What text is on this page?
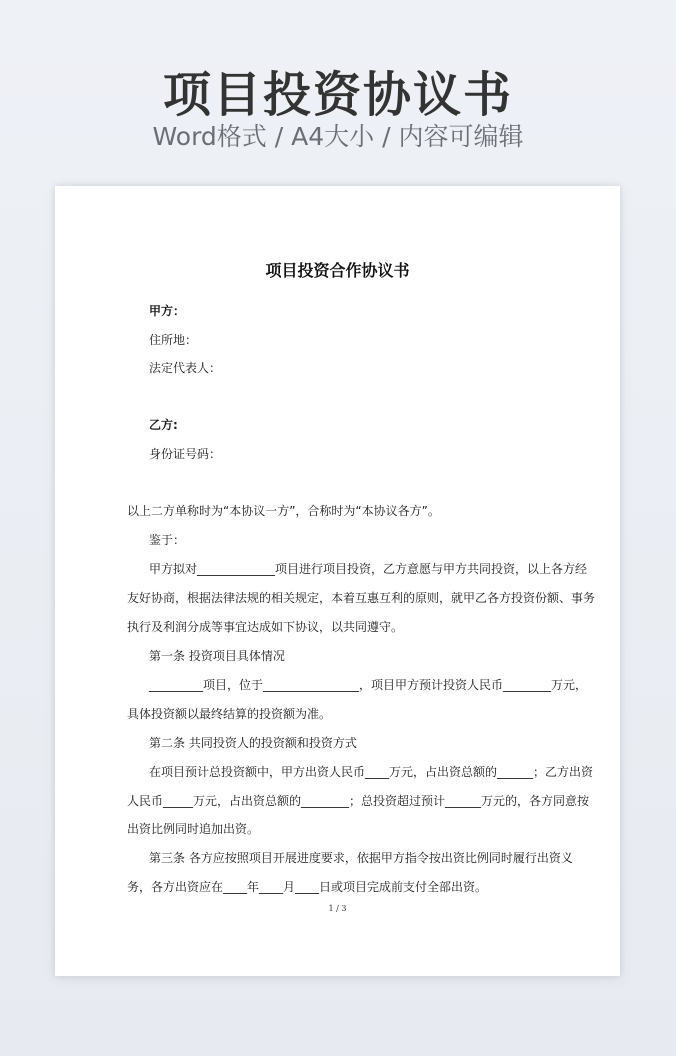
项目投资协议书
Word格式 / A4大小 / 内容可编辑
项目投资合作协议书
甲方：
住所地：
法定代表人：
乙方:
身份证号码：
以上二方单称时为“本协议一方”，合称时为“本协议各方”。
鉴于：
甲方拟对_____________项目进行项目投资，乙方意愿与甲方共同投资，以上各方经
友好协商，根据法律法规的相关规定，本着互惠互利的原则，就甲乙各方投资份额、事务
执行及利润分成等事宜达成如下协议，以共同遵守。
第一条 投资项目具体情况
_________项目，位于________________，项目甲方预计投资人民币________万元，
具体投资额以最终结算的投资额为准。
第二条 共同投资人的投资额和投资方式
在项目预计总投资额中，甲方出资人民币____万元，占出资总额的______；乙方出资
人民币_____万元，占出资总额的________；总投资超过预计______万元的，各方同意按
出资比例同时追加出资。
第三条 各方应按照项目开展进度要求，依据甲方指令按出资比例同时履行出资义
务，各方出资应在____年____月____日或项目完成前支付全部出资。
1 / 3
